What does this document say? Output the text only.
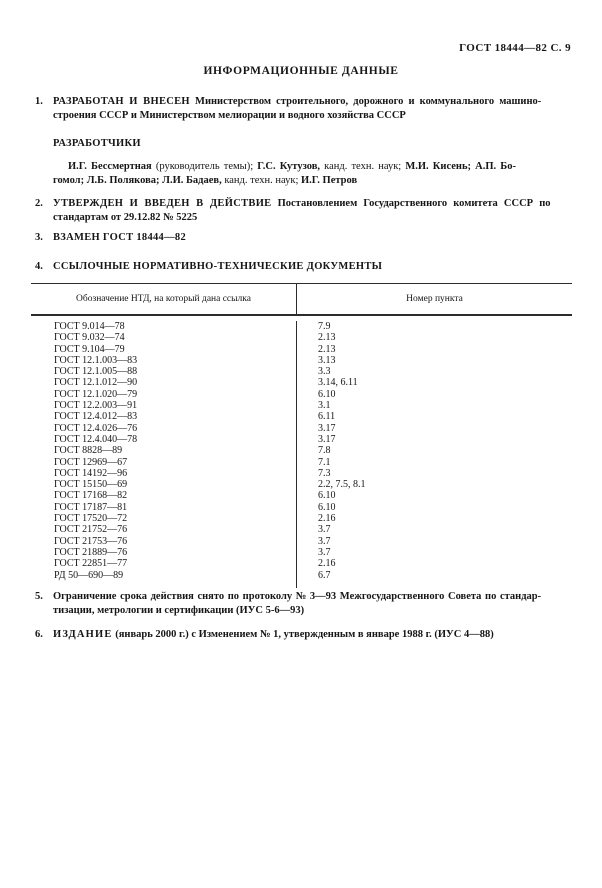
ГОСТ 18444—82 С. 9
ИНФОРМАЦИОННЫЕ ДАННЫЕ
1. РАЗРАБОТАН И ВНЕСЕН Министерством строительного, дорожного и коммунального машино-
строения СССР и Министерством мелиорации и водного хозяйства СССР
РАЗРАБОТЧИКИ
И.Г. Бессмертная (руководитель темы); Г.С. Кутузов, канд. техн. наук; М.И. Кисень; А.П. Бо-
гомол; Л.Б. Полякова; Л.И. Бадаев, канд. техн. наук; И.Г. Петров
2. УТВЕРЖДЕН И ВВЕДЕН В ДЕЙСТВИЕ Постановлением Государственного комитета СССР по
стандартам от 29.12.82 № 5225
3. ВЗАМЕН ГОСТ 18444—82
4. ССЫЛОЧНЫЕ НОРМАТИВНО-ТЕХНИЧЕСКИЕ ДОКУМЕНТЫ
Обозначение НТД, на который дана ссылка	Номер пункта
ГОСТ 9.014—78	7.9
ГОСТ 9.032—74	2.13
ГОСТ 9.104—79	2.13
ГОСТ 12.1.003—83	3.13
ГОСТ 12.1.005—88	3.3
ГОСТ 12.1.012—90	3.14, 6.11
ГОСТ 12.1.020—79	6.10
ГОСТ 12.2.003—91	3.1
ГОСТ 12.4.012—83	6.11
ГОСТ 12.4.026—76	3.17
ГОСТ 12.4.040—78	3.17
ГОСТ 8828—89	7.8
ГОСТ 12969—67	7.1
ГОСТ 14192—96	7.3
ГОСТ 15150—69	2.2, 7.5, 8.1
ГОСТ 17168—82	6.10
ГОСТ 17187—81	6.10
ГОСТ 17520—72	2.16
ГОСТ 21752—76	3.7
ГОСТ 21753—76	3.7
ГОСТ 21889—76	3.7
ГОСТ 22851—77	2.16
РД 50—690—89	6.7
5. Ограничение срока действия снято по протоколу № 3—93 Межгосударственного Совета по стандар-
тизации, метрологии и сертификации (ИУС 5-6—93)
6. ИЗДАНИЕ (январь 2000 г.) с Изменением № 1, утвержденным в январе 1988 г. (ИУС 4—88)
